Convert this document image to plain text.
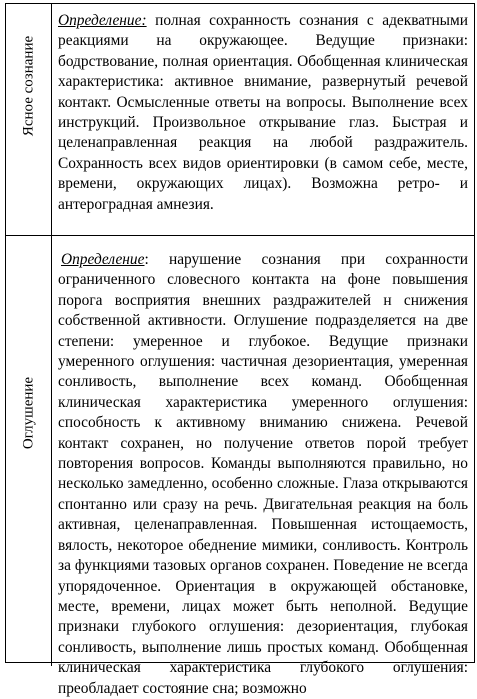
Ясное сознание
Определение: полная сохранность сознания с адекватными реакциями на окружающее. Ведущие признаки: бодрствование, полная ориентация. Обобщенная клиническая характеристика: активное внимание, развернутый речевой контакт. Осмысленные ответы на вопросы. Выполнение всех инструкций. Произвольное открывание глаз. Быстрая и целенаправленная реакция на любой раздражитель. Сохранность всех видов ориентировки (в самом себе, месте, времени, окружающих лицах). Возможна ретро- и антероградная амнезия.
Оглушение
Определение: нарушение сознания при сохранности ограниченного словесного контакта на фоне повышения порога восприятия внешних раздражителей н снижения собственной активности. Оглушение подразделяется на две степени: умеренное и глубокое. Ведущие признаки умеренного оглушения: частичная дезориентация, умеренная сонливость, выполнение всех команд. Обобщенная клиническая характеристика умеренного оглушения: способность к активному вниманию снижена. Речевой контакт сохранен, но получение ответов порой требует повторения вопросов. Команды выполняются правильно, но несколько замедленно, особенно сложные. Глаза открываются спонтанно или сразу на речь. Двигательная реакция на боль активная, целенаправленная. Повышенная истощаемость, вялость, некоторое обеднение мимики, сонливость. Контроль за функциями тазовых органов сохранен. Поведение не всегда упорядоченное. Ориентация в окружающей обстановке, месте, времени, лицах может быть неполной. Ведущие признаки глубокого оглушения: дезориентация, глубокая сонливость, выполнение лишь простых команд. Обобщенная клиническая характеристика глубокого оглушения: преобладает состояние сна; возможно
